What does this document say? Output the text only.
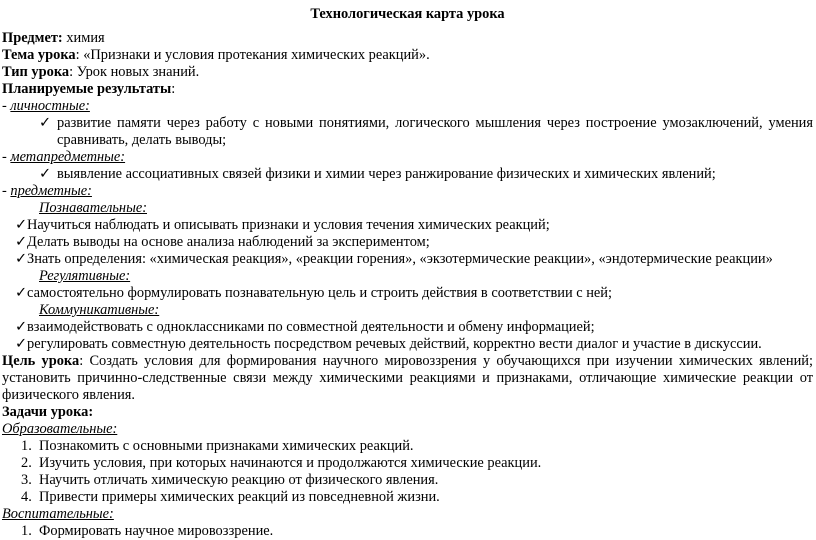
Технологическая карта урока
Предмет: химия
Тема урока: «Признаки и условия протекания химических реакций».
Тип урока: Урок новых знаний.
Планируемые результаты:
- личностные:
✓ развитие памяти через работу с новыми понятиями, логического мышления через построение умозаключений, умения сравнивать, делать выводы;
- метапредметные:
✓ выявление ассоциативных связей физики и химии через ранжирование физических и химических явлений;
- предметные:
Познавательные:
✓ Научиться наблюдать и описывать признаки и условия течения химических реакций;
✓ Делать выводы на основе анализа наблюдений за экспериментом;
✓ Знать определения: «химическая реакция», «реакции горения», «экзотермические реакции», «эндотермические реакции»
Регулятивные:
✓ самостоятельно формулировать познавательную цель и строить действия в соответствии с ней;
Коммуникативные:
✓ взаимодействовать с одноклассниками по совместной деятельности и обмену информацией;
✓ регулировать совместную деятельность посредством речевых действий, корректно вести диалог и участие в дискуссии.
Цель урока: Создать условия для формирования научного мировоззрения у обучающихся при изучении химических явлений; установить причинно-следственные связи между химическими реакциями и признаками, отличающие химические реакции от физического явления.
Задачи урока:
Образовательные:
1. Познакомить с основными признаками химических реакций.
2. Изучить условия, при которых начинаются и продолжаются химические реакции.
3. Научить отличать химическую реакцию от физического явления.
4. Привести примеры химических реакций из повседневной жизни.
Воспитательные:
1. Формировать научное мировоззрение.
